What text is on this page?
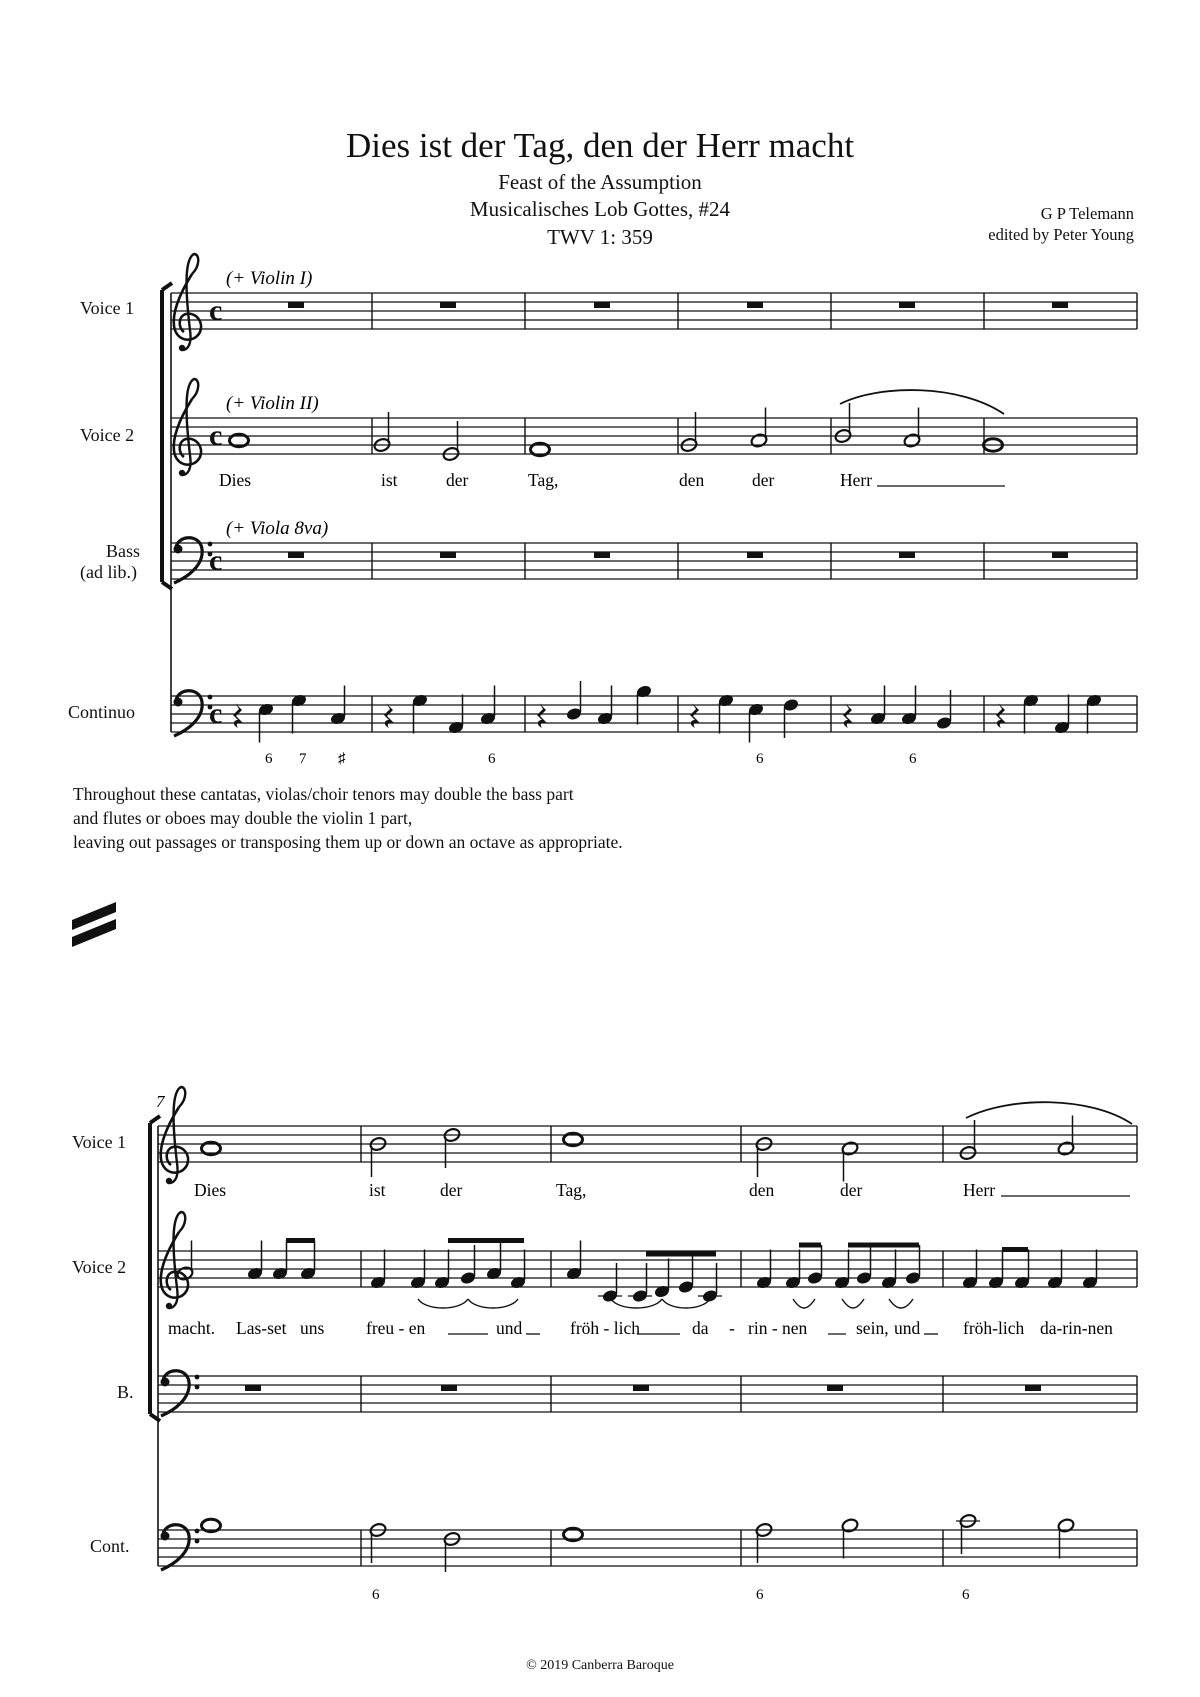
Dies ist der Tag, den der Herr macht
Feast of the Assumption
Musicalisches Lob Gottes, #24
TWV 1: 359
G P Telemann
edited by Peter Young
Voice 1
Voice 2
Bass
(ad lib.)
Continuo
Throughout these cantatas, violas/choir tenors may double the bass part
and flutes or oboes may double the violin 1 part,
leaving out passages or transposing them up or down an octave as appropriate.
Voice 1
Voice 2
B.
Cont.
© 2019 Canberra Baroque
c
c
c
c
(+ Violin I)
(+ Violin II)
(+ Viola 8va)
Dies	ist	der	Tag,	den	der	Herr
6 7 ♯	6	6	6
7
Dies	ist	der	Tag,	den	der	Herr
macht. Las-set uns freu - en	und	fröh - lich	da - rin - nen	sein, und fröh-lich da-rin-nen
6	6	6
